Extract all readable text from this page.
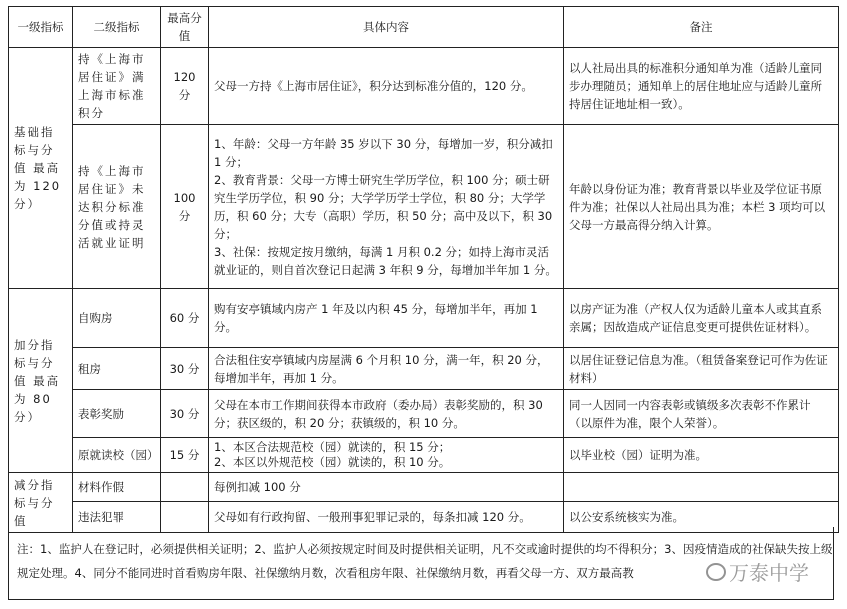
一级指标	二级指标	最高分值	具体内容	备注
基础指标与分值 最高为 120 分）	持《上海市居住证》满上海市标准积分	120 分	父母一方持《上海市居住证》，积分达到标准分值的，120 分。	以人社局出具的标准积分通知单为准（适龄儿童同步办理随员；通知单上的居住地址应与适龄儿童所持居住证地址相一致）。
	持《上海市居住证》未达积分标准分值或持灵活就业证明	100 分	1、年龄：父母一方年龄 35 岁以下 30 分，每增加一岁，积分减扣 1 分；
2、教育背景：父母一方博士研究生学历学位，积 100 分；硕士研究生学历学位，积 90 分；大学学历学士学位，积 80 分；大学学历，积 60 分；大专（高职）学历，积 50 分；高中及以下，积 30 分；
3、社保：按规定按月缴纳，每满 1 月积 0.2 分；如持上海市灵活就业证的，则自首次登记日起满 3 年积 9 分，每增加半年加 1 分。	年龄以身份证为准；教育背景以毕业及学位证书原件为准；社保以人社局出具为准；本栏 3 项均可以父母一方最高得分纳入计算。
加分指标与分值 最高为 80 分）	自购房	60 分	购有安亭镇域内房产 1 年及以内积 45 分，每增加半年，再加 1 分。	以房产证为准（产权人仅为适龄儿童本人或其直系亲属；因故造成产证信息变更可提供佐证材料）。
	租房	30 分	合法租住安亭镇域内房屋满 6 个月积 10 分，满一年，积 20 分，每增加半年，再加 1 分。	以居住证登记信息为准。（租赁备案登记可作为佐证材料）
	表彰奖励	30 分	父母在本市工作期间获得本市政府（委办局）表彰奖励的，积 30 分；获区级的，积 20 分；获镇级的，积 10 分。	同一人因同一内容表彰或镇级多次表彰不作累计（以原件为准，限个人荣誉）。
	原就读校（园）	15 分	1、本区合法规范校（园）就读的，积 15 分；
2、本区以外规范校（园）就读的，积 10 分。	以毕业校（园）证明为准。
减分指标与分值	材料作假		每例扣减 100 分	
	违法犯罪		父母如有行政拘留、一般刑事犯罪记录的，每条扣减 120 分。	以公安系统核实为准。
注：1、监护人在登记时，必须提供相关证明；2、监护人必须按规定时间及时提供相关证明，凡不交或逾时提供的均不得积分；3、因疫情造成的社保缺失按上级规定处理。4、同分不能同进时首看购房年限、社保缴纳月数，次看租房年限、社保缴纳月数，再看父母一方、双方最高教	万泰中学
